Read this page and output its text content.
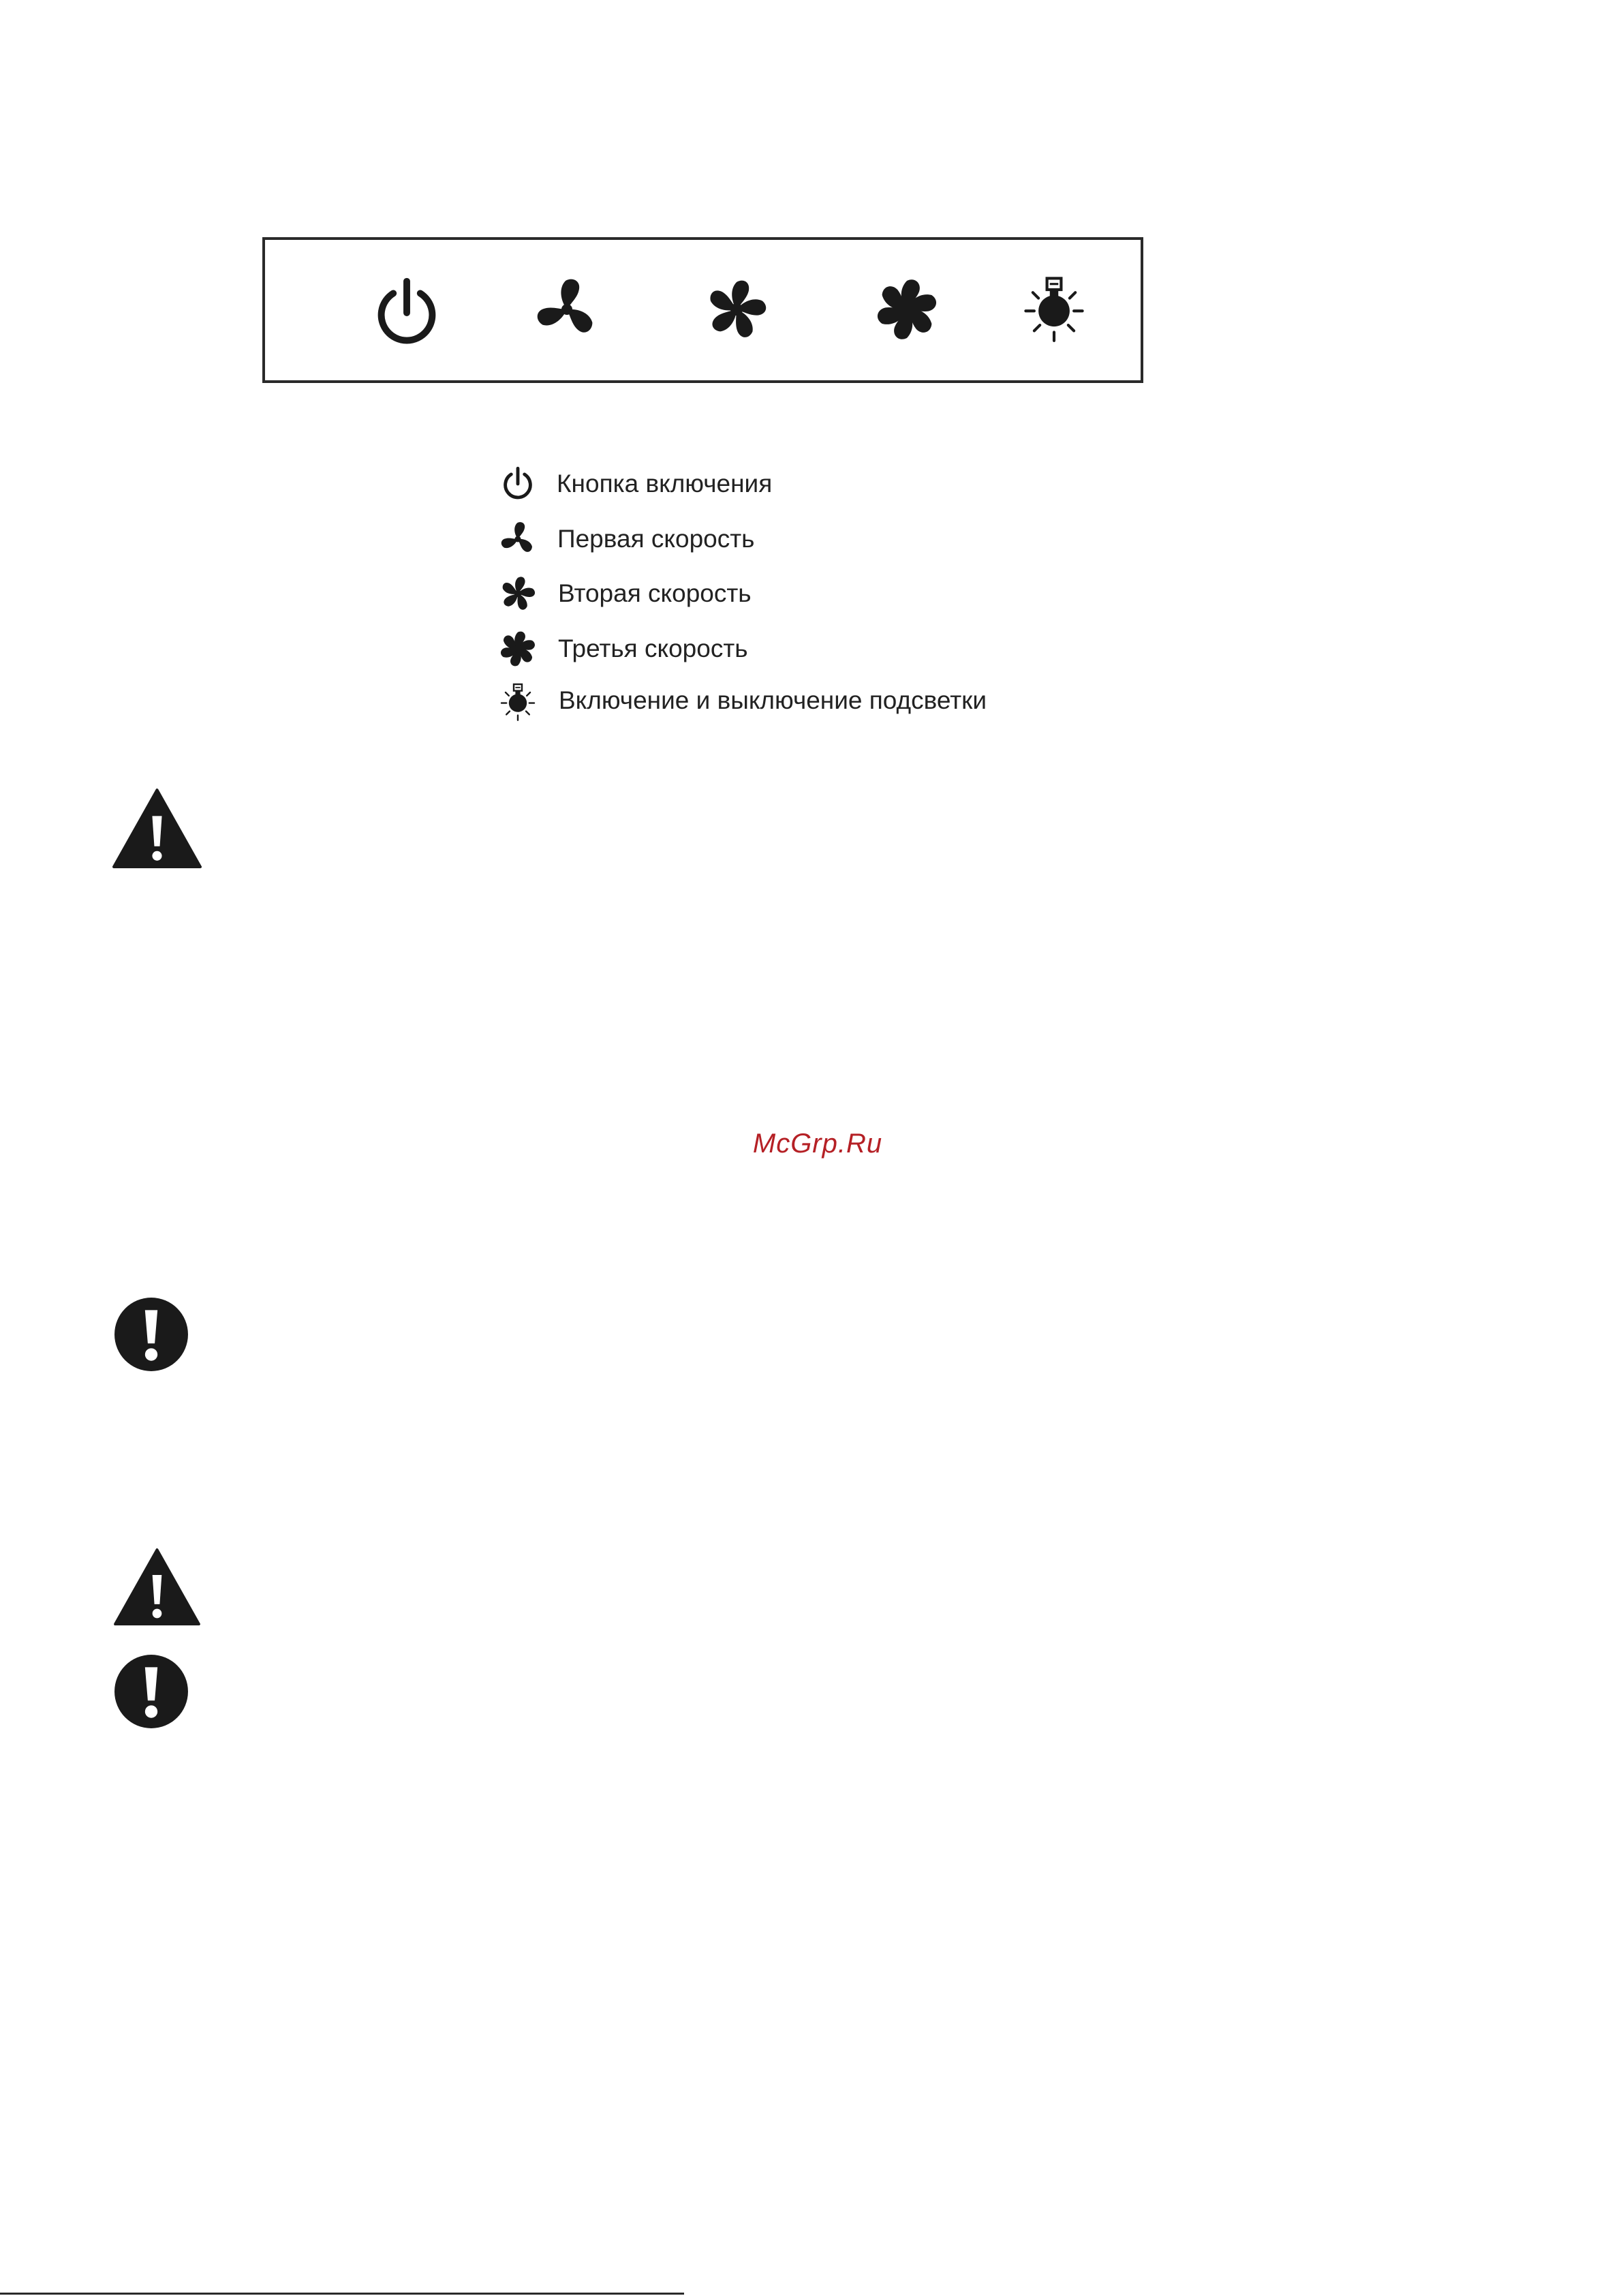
Кнопка включения
Первая скорость
Вторая скорость
Третья скорость
Включение и выключение подсветки
McGrp.Ru
